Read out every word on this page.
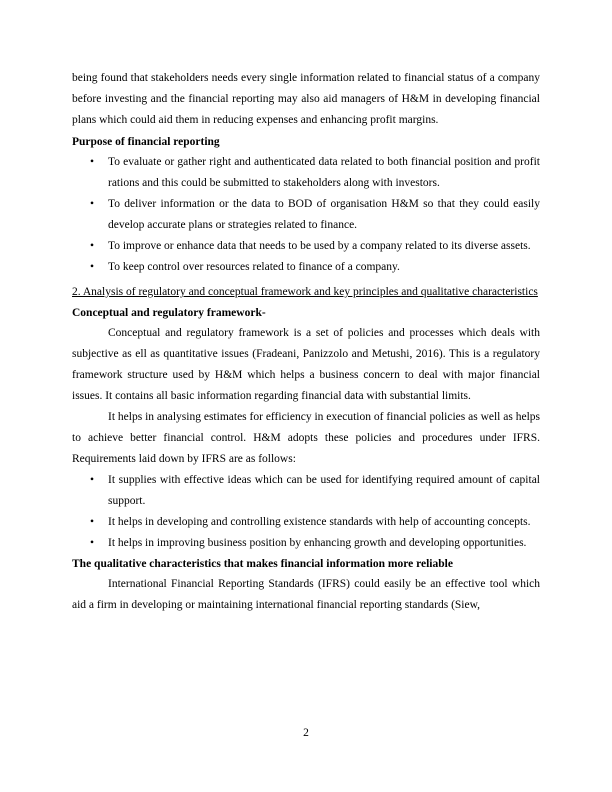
being found that stakeholders needs every single information related to financial status of a company before investing and the financial reporting may also aid managers of H&M in developing financial plans which could aid them in reducing expenses and enhancing profit margins.

Purpose of financial reporting
• To evaluate or gather right and authenticated data related to both financial position and profit rations and this could be submitted to stakeholders along with investors.
• To deliver information or the data to BOD of organisation H&M so that they could easily develop accurate plans or strategies related to finance.
• To improve or enhance data that needs to be used by a company related to its diverse assets.
• To keep control over resources related to finance of a company.

2. Analysis of regulatory and conceptual framework and key principles and qualitative characteristics

Conceptual and regulatory framework-

Conceptual and regulatory framework is a set of policies and processes which deals with subjective as ell as quantitative issues (Fradeani, Panizzolo and Metushi, 2016). This is a regulatory framework structure used by H&M which helps a business concern to deal with major financial issues. It contains all basic information regarding financial data with substantial limits.

It helps in analysing estimates for efficiency in execution of financial policies as well as helps to achieve better financial control. H&M adopts these policies and procedures under IFRS. Requirements laid down by IFRS are as follows:

• It supplies with effective ideas which can be used for identifying required amount of capital support.
• It helps in developing and controlling existence standards with help of accounting concepts.
• It helps in improving business position by enhancing growth and developing opportunities.
The qualitative characteristics that makes financial information more reliable

International Financial Reporting Standards (IFRS) could easily be an effective tool which aid a firm in developing or maintaining international financial reporting standards (Siew,

2
